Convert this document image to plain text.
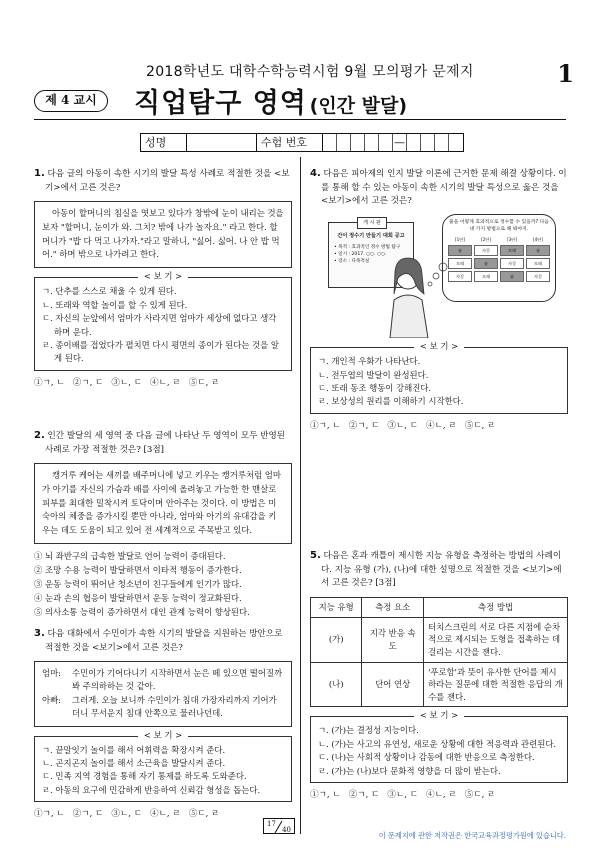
2018학년도 대학수학능력시험 9월 모의평가 문제지	1
제 4 교시	직업탐구 영역 (인간 발달)
성명	수험 번호	—
1. 다음 글의 아동이 속한 시기의 발달 특성 사례로 적절한 것을 <보기>에서 고른 것은?

아동이 할머니의 침실을 엿보고 있다가 창밖에 눈이 내리는 것을 보자 "할머니, 눈이가 와. 그치? 밖에 나가 놀자요." 라고 한다. 할머니가 "밥 다 먹고 나가자."라고 말하니, "싫어. 싫어. 나 안 밥 먹어." 하며 밖으로 나가려고 한다.

< 보 기 >
ㄱ. 단추를 스스로 채울 수 있게 된다.
ㄴ. 또래와 역할 놀이를 할 수 있게 된다.
ㄷ. 자신의 눈앞에서 엄마가 사라지면 엄마가 세상에 없다고 생각하며 운다.
ㄹ. 종이배를 접었다가 펼치면 다시 평면의 종이가 된다는 것을 알게 된다.
①ㄱ, ㄴ ②ㄱ, ㄷ ③ㄴ, ㄷ ④ㄴ, ㄹ ⑤ㄷ, ㄹ
2. 인간 발달의 세 영역 중 다음 글에 나타난 두 영역이 모두 반영된 사례로 가장 적절한 것은? [3점]

캥거루 케어는 새끼를 배주머니에 넣고 키우는 캥거루처럼 엄마가 아기를 자신의 가슴과 배를 사이에 올려놓고 가능한 한 맨살로 피부를 최대한 밀착시켜 토닥이며 안아주는 것이다. 이 방법은 미숙아의 체중을 증가시킬 뿐만 아니라, 엄마와 아기의 유대감을 키우는 데도 도움이 되고 있어 전 세계적으로 주목받고 있다.

① 뇌 좌반구의 급속한 발달로 언어 능력이 증대된다.
② 조망 수용 능력이 발달하면서 이타적 행동이 증가한다.
③ 운동 능력이 뛰어난 청소년이 친구들에게 인기가 많다.
④ 눈과 손의 협응이 발달하면서 운동 능력이 정교화된다.
⑤ 의사소통 능력이 증가하면서 대인 관계 능력이 향상된다.
3. 다음 대화에서 수민이가 속한 시기의 발달을 지원하는 방안으로 적절한 것을 <보기>에서 고른 것은?
엄마:	수민이가 기어다니기 시작하면서 눈은 떼 있으면 떨어질까봐 주의하하는 것 같아.
아빠:	그러게. 오늘 보니까 수민이가 침대 가장자리까지 기어가더니 무서운지 침대 안쪽으로 물러나던데.
< 보 기 >
ㄱ. 끝말잇기 놀이를 해서 어휘력을 확장시켜 준다.
ㄴ. 곤지곤지 놀이를 해서 소근육을 발달시켜 준다.
ㄷ. 민족 지역 경험을 통해 자기 통제를 하도록 도와준다.
ㄹ. 아동의 요구에 민감하게 반응하여 신뢰감 형성을 돕는다.
①ㄱ, ㄴ ②ㄱ, ㄷ ③ㄴ, ㄷ ④ㄴ, ㄹ ⑤ㄷ, ㄹ
4. 다음은 피아제의 인지 발달 이론에 근거한 문제 해결 상황이다. 이를 통해 할 수 있는 아동이 속한 시기의 발달 특성으로 옳은 것을 <보기>에서 고른 것은?
게 시 판
간이 정수기 만들기 대회 공고
• 목적 : 효과적인 정수 방법 탐구
• 일시 : 2017. ○○. ○○.
• 장소 : 다목적실
물을 어떻게 효과적으로 정수할 수 있을까? 다음 네 가지 방법으로 해 봐야지.
[1단]	[2단]	[3단]	[4단]
숯	자갈	모래	숯
모래	숯	자갈	모래
자갈	모래	숯	자갈
< 보 기 >
ㄱ. 개인적 우화가 나타난다.
ㄴ. 전두엽의 발달이 완성된다.
ㄷ. 또래 동조 행동이 강해진다.
ㄹ. 보상성의 원리를 이해하기 시작한다.
①ㄱ, ㄴ ②ㄱ, ㄷ ③ㄴ, ㄷ ④ㄴ, ㄹ ⑤ㄷ, ㄹ
5. 다음은 혼과 캐틀이 제시한 지능 유형을 측정하는 방법의 사례이다. 지능 유형 (가), (나)에 대한 설명으로 적절한 것을 <보기>에서 고른 것은? [3점]
지능 유형	측정 요소	측정 방법
(가)	지각 반응 속도	터치스크린의 서로 다른 지점에 순차적으로 제시되는 도형을 접촉하는 데 걸리는 시간을 잰다.
(나)	단어 연상	'푸로함'과 뜻이 유사한 단어를 제시하라는 질문에 대한 적절한 응답의 개수를 잰다.
< 보 기 >
ㄱ. (가)는 결정성 지능이다.
ㄴ. (가)는 사고의 유연성, 새로운 상황에 대한 적응력과 관련된다.
ㄷ. (나)는 사회적 상황이나 감동에 대한 반응으로 측정한다.
ㄹ. (가)는 (나)보다 문화적 영향을 더 많이 받는다.
①ㄱ, ㄴ ②ㄱ, ㄷ ③ㄴ, ㄷ ④ㄴ, ㄹ ⑤ㄷ, ㄹ
17
40
이 문제지에 관한 저작권은 한국교육과정평가원에 있습니다.
